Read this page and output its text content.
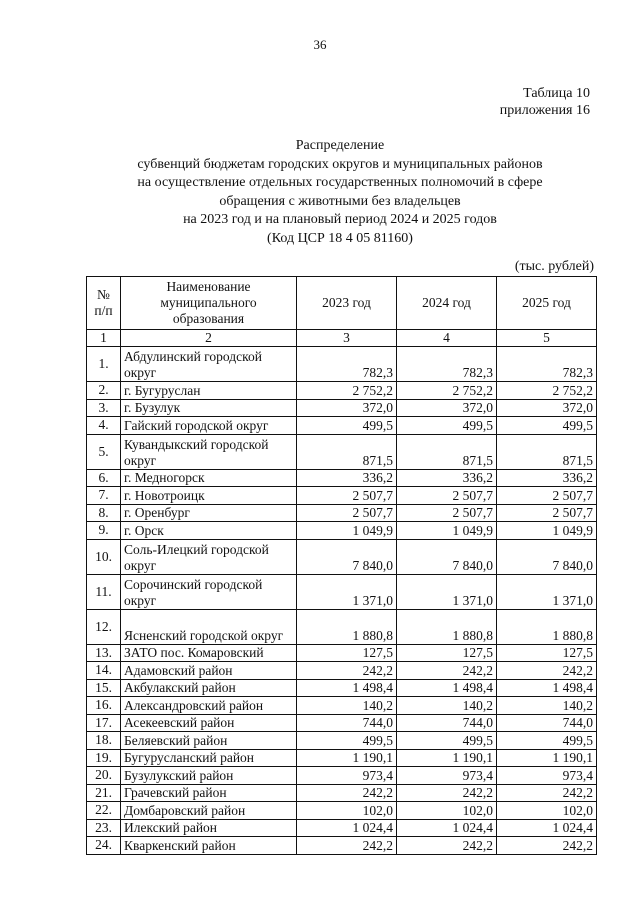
36
Таблица 10
приложения 16
Распределение
субвенций бюджетам городских округов и муниципальных районов
на осуществление отдельных государственных полномочий в сфере
обращения с животными без владельцев
на 2023 год и на плановый период 2024 и 2025 годов
(Код ЦСР 18 4 05 81160)
(тыс. рублей)
№ п/п	Наименование муниципального образования	2023 год	2024 год	2025 год
1	2	3	4	5
1.	Абдулинский городской округ	782,3	782,3	782,3
2.	г. Бугуруслан	2 752,2	2 752,2	2 752,2
3.	г. Бузулук	372,0	372,0	372,0
4.	Гайский городской округ	499,5	499,5	499,5
5.	Кувандыкский городской округ	871,5	871,5	871,5
6.	г. Медногорск	336,2	336,2	336,2
7.	г. Новотроицк	2 507,7	2 507,7	2 507,7
8.	г. Оренбург	2 507,7	2 507,7	2 507,7
9.	г. Орск	1 049,9	1 049,9	1 049,9
10.	Соль-Илецкий городской округ	7 840,0	7 840,0	7 840,0
11.	Сорочинский городской округ	1 371,0	1 371,0	1 371,0
12.	Ясненский городской округ	1 880,8	1 880,8	1 880,8
13.	ЗАТО пос. Комаровский	127,5	127,5	127,5
14.	Адамовский район	242,2	242,2	242,2
15.	Акбулакский район	1 498,4	1 498,4	1 498,4
16.	Александровский район	140,2	140,2	140,2
17.	Асекеевский район	744,0	744,0	744,0
18.	Беляевский район	499,5	499,5	499,5
19.	Бугурусланский район	1 190,1	1 190,1	1 190,1
20.	Бузулукский район	973,4	973,4	973,4
21.	Грачевский район	242,2	242,2	242,2
22.	Домбаровский район	102,0	102,0	102,0
23.	Илекский район	1 024,4	1 024,4	1 024,4
24.	Кваркенский район	242,2	242,2	242,2
